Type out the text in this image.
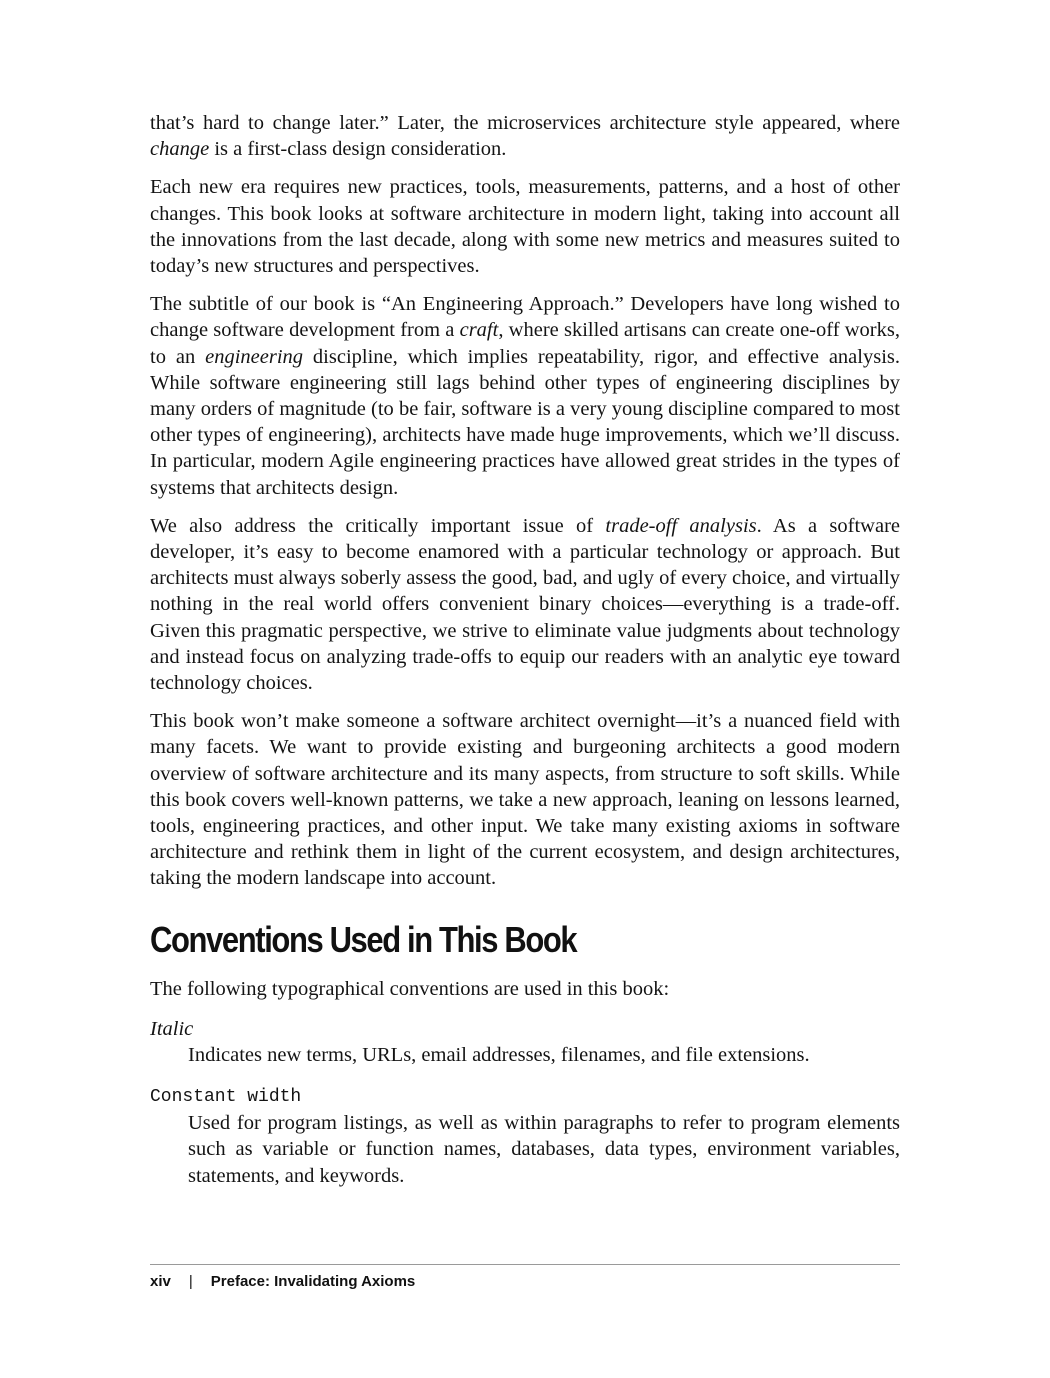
that’s hard to change later.” Later, the microservices architecture style appeared, where change is a first-class design consideration.

Each new era requires new practices, tools, measurements, patterns, and a host of other changes. This book looks at software architecture in modern light, taking into account all the innovations from the last decade, along with some new metrics and measures suited to today’s new structures and perspectives.

The subtitle of our book is “An Engineering Approach.” Developers have long wished to change software development from a craft, where skilled artisans can create one-off works, to an engineering discipline, which implies repeatability, rigor, and effective analysis. While software engineering still lags behind other types of engineering disciplines by many orders of magnitude (to be fair, software is a very young discipline compared to most other types of engineering), architects have made huge improvements, which we’ll discuss. In particular, modern Agile engineering practices have allowed great strides in the types of systems that architects design.

We also address the critically important issue of trade-off analysis. As a software developer, it’s easy to become enamored with a particular technology or approach. But architects must always soberly assess the good, bad, and ugly of every choice, and virtually nothing in the real world offers convenient binary choices—everything is a trade-off. Given this pragmatic perspective, we strive to eliminate value judgments about technology and instead focus on analyzing trade-offs to equip our readers with an analytic eye toward technology choices.

This book won’t make someone a software architect overnight—it’s a nuanced field with many facets. We want to provide existing and burgeoning architects a good modern overview of software architecture and its many aspects, from structure to soft skills. While this book covers well-known patterns, we take a new approach, leaning on lessons learned, tools, engineering practices, and other input. We take many existing axioms in software architecture and rethink them in light of the current ecosystem, and design architectures, taking the modern landscape into account.

Conventions Used in This Book

The following typographical conventions are used in this book:

Italic
Indicates new terms, URLs, email addresses, filenames, and file extensions.
Constant width
Used for program listings, as well as within paragraphs to refer to program elements such as variable or function names, databases, data types, environment variables, statements, and keywords.
xiv | Preface: Invalidating Axioms
